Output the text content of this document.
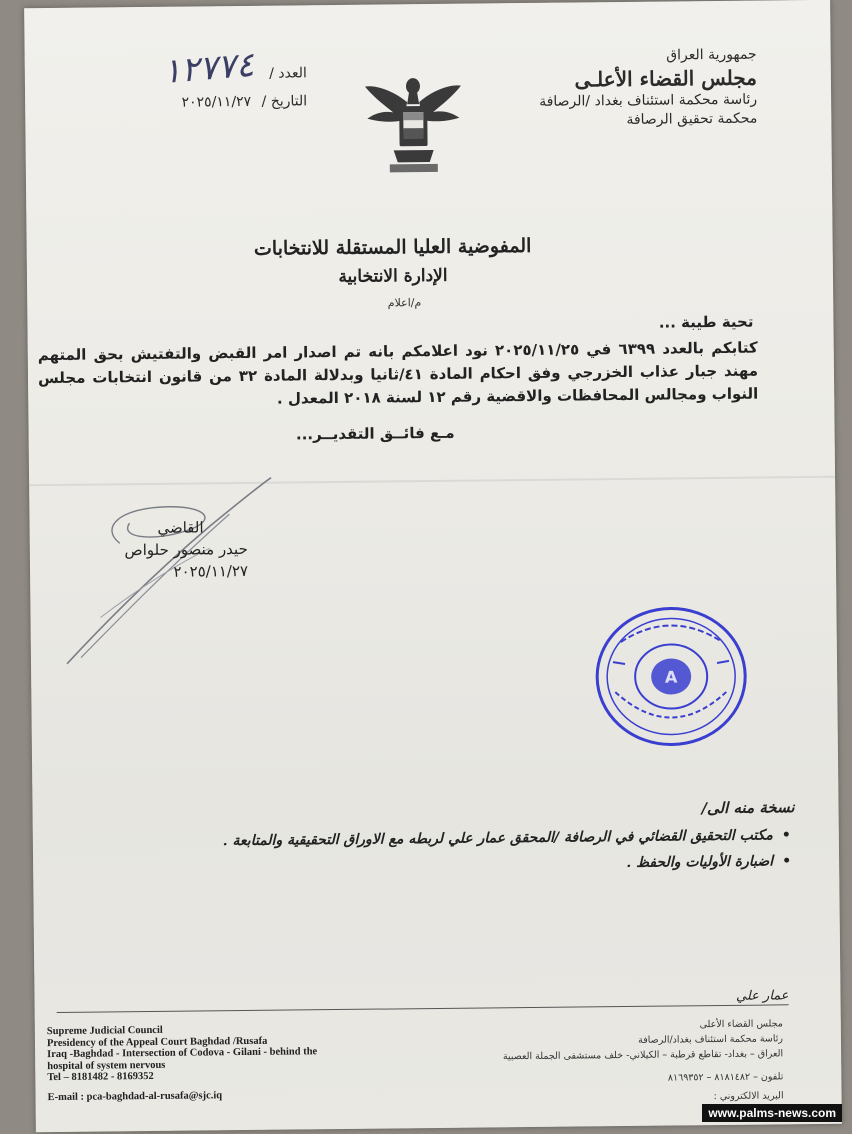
جمهورية العراق
مجلس القضاء الأعلـى
رئاسة محكمة استئناف بغداد /الرصافة
محكمة تحقيق الرصافة
العدد /
١٢٧٧٤
التاريخ / ٢٠٢٥/١١/٢٧
المفوضية العليا المستقلة للانتخابات
الإدارة الانتخابية
م/اعلام
تحية طيبة ...
كتابكم بالعدد ٦٣٩٩ في ٢٠٢٥/١١/٢٥ نود اعلامكم بانه تم اصدار امر القبض والتفتيش بحق المتهم مهند جبار عذاب الخزرجي وفق احكام المادة ٤١/ثانيا وبدلالة المادة ٣٢ من قانون انتخابات مجلس النواب ومجالس المحافظات والاقضية رقم ١٢ لسنة ٢٠١٨ المعدل .
مـع فائــق التقديــر...
القاضي
حيدر منصور حلواص
٢٠٢٥/١١/٢٧
A
نسخة منه الى/
• مكتب التحقيق القضائي في الرصافة /المحقق عمار علي لربطه مع الاوراق التحقيقية والمتابعة .
• اضبارة الأوليات والحفظ .
عمار علي
Supreme Judicial Council
Presidency of the Appeal Court Baghdad /Rusafa
Iraq -Baghdad - Intersection of Codova - Gilani - behind the
hospital of system nervous
Tel – 8181482 - 8169352
E-mail : pca-baghdad-al-rusafa@sjc.iq
مجلس القضاء الأعلى
رئاسة محكمة استئناف بغداد/الرصافة
العراق – بغداد- تقاطع قرطبة – الكيلاني- خلف مستشفى الجملة العصبية
تلفون – ٨١٨١٤٨٢ – ٨١٦٩٣٥٢
البريد الالكتروني :
www.palms-news.com
